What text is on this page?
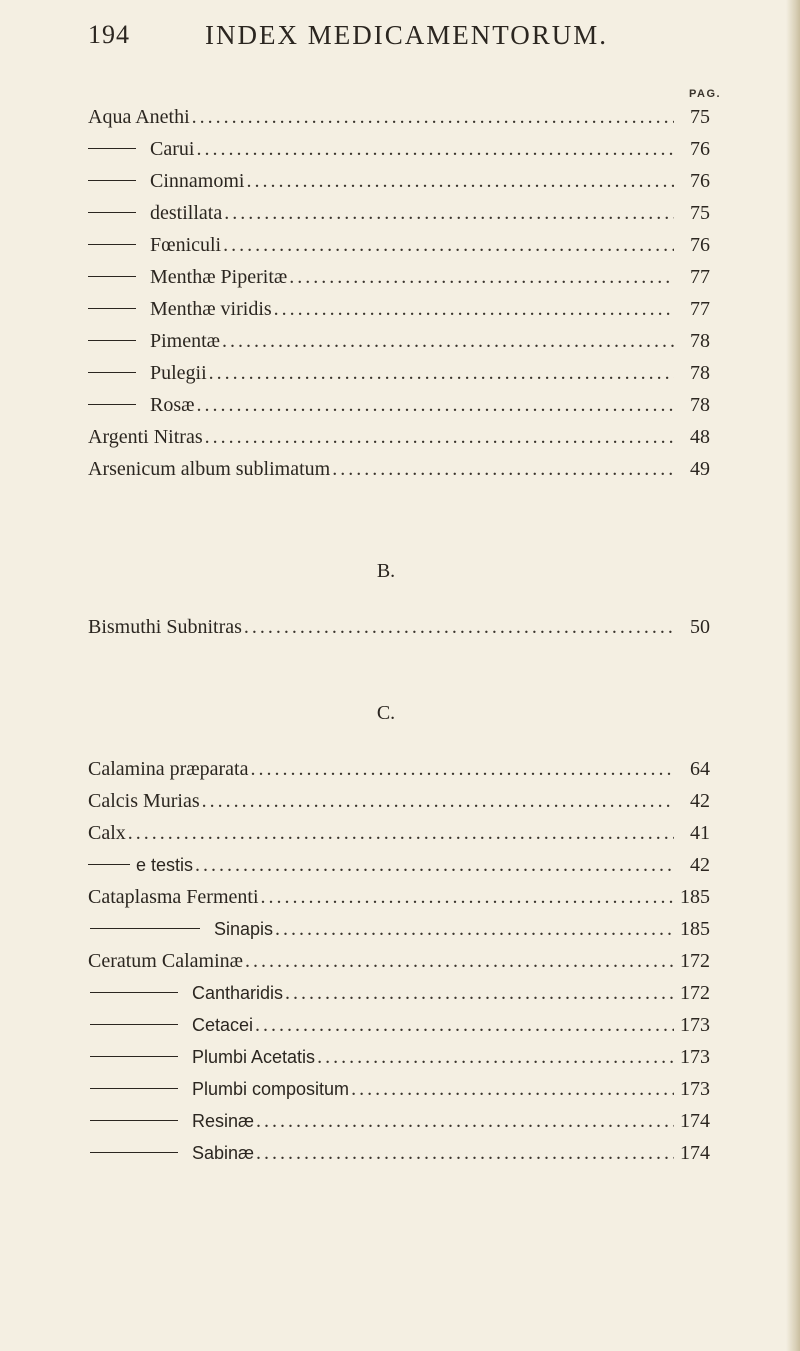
194	INDEX MEDICAMENTORUM.
PAG.
Aqua Anethi .....	75
Carui .....	76
Cinnamomi .....	76
destillata .....	75
Fœniculi .....	76
Menthæ Piperitæ .....	77
Menthæ viridis .....	77
Pimentæ .....	78
Pulegii .....	78
Rosæ .....	78
Argenti Nitras .....	48
Arsenicum album sublimatum .....	49
B.
Bismuthi Subnitras .....	50
C.
Calamina præparata .....	64
Calcis Murias .....	42
Calx .....	41
e testis .....	42
Cataplasma Fermenti .....	185
Sinapis .....	185
Ceratum Calaminæ .....	172
Cantharidis .....	172
Cetacei .....	173
Plumbi Acetatis .....	173
Plumbi compositum .....	173
Resinæ .....	174
Sabinæ .....	174
